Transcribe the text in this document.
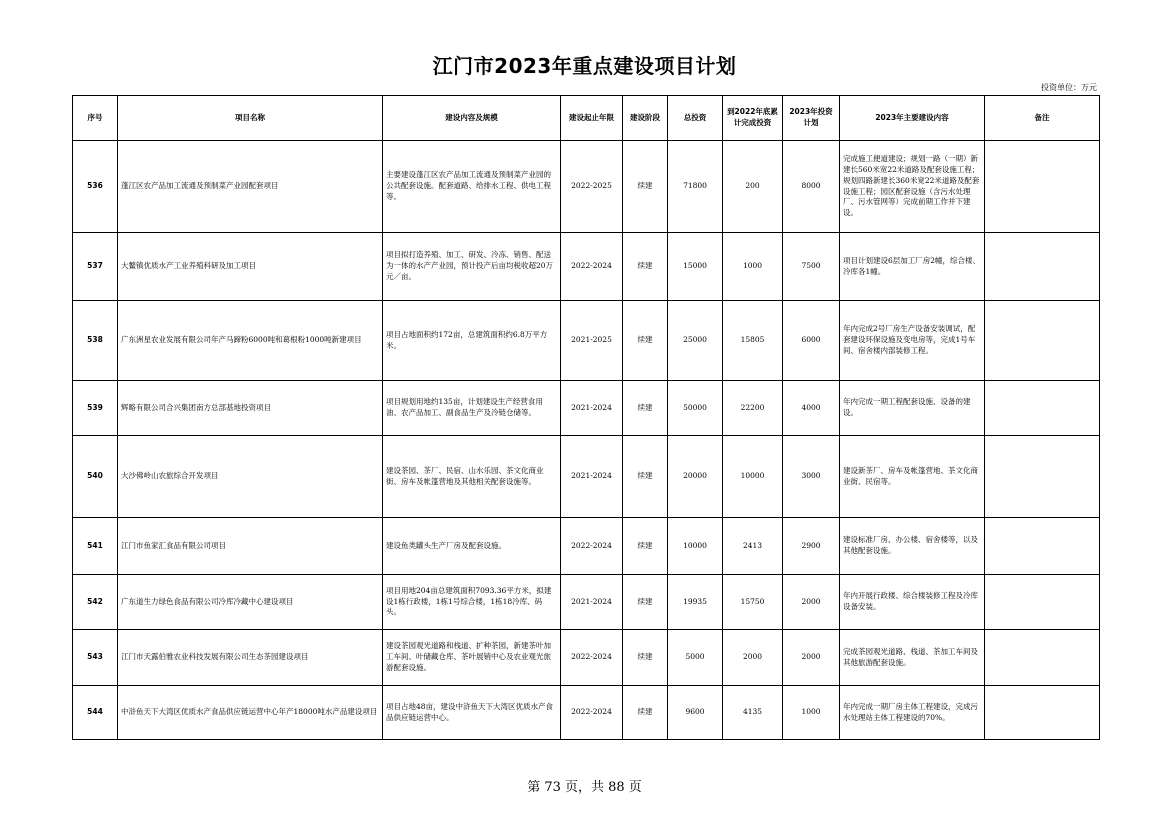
江门市2023年重点建设项目计划
投资单位：万元
序号	项目名称	建设内容及规模	建设起止年限	建设阶段	总投资	到2022年底累计完成投资	2023年投资计划	2023年主要建设内容	备注
536	蓬江区农产品加工流通及预制菜产业园配套项目	主要建设蓬江区农产品加工流通及预制菜产业园的公共配套设施。配套道路、给排水工程、供电工程等。	2022-2025	续建	71800	200	8000	完成施工便道建设；规划一路（一期）新建长560米宽22米道路及配套设施工程；规划四路新建长360米宽22米道路及配套设施工程；园区配套设施（含污水处理厂、污水管网等）完成前期工作并下建设。	
537	大鳌镇优质水产工业养殖科研及加工项目	项目拟打造养殖、加工、研发、冷冻、销售、配送为一体的水产产业园，预计投产后亩均税收超20万元／亩。	2022-2024	续建	15000	1000	7500	项目计划建设6层加工厂房2幢，综合楼、冷库各1幢。	
538	广东洲星农业发展有限公司年产马蹄粉6000吨和葛根粉1000吨新建项目	项目占地面积约172亩，总建筑面积约6.8万平方米。	2021-2025	续建	25000	15805	6000	年内完成2号厂房生产设备安装调试，配套建设环保设施及变电房等，完成1号车间、宿舍楼内部装修工程。	
539	辉略有限公司合兴集团南方总部基地投资项目	项目规划用地约135亩，计划建设生产经营食用油、农产品加工、副食品生产及冷链仓储等。	2021-2024	续建	50000	22200	4000	年内完成一期工程配套设施、设备的建设。	
540	大沙佛岭山农旅综合开发项目	建设茶园、茶厂、民宿、山水乐园、茶文化商业街、房车及帐篷营地及其他相关配套设施等。	2021-2024	续建	20000	10000	3000	建设新茶厂、房车及帐篷营地、茶文化商业街、民宿等。	
541	江门市鱼家汇食品有限公司项目	建设鱼类罐头生产厂房及配套设施。	2022-2024	续建	10000	2413	2900	建设标准厂房、办公楼、宿舍楼等，以及其他配套设施。	
542	广东道生力绿色食品有限公司冷库冷藏中心建设项目	项目用地204亩总建筑面积7093.36平方米，拟建设1栋行政楼，1栋1号综合楼，1栋18冷库、码头。	2021-2024	续建	19935	15750	2000	年内开展行政楼、综合楼装修工程及冷库设备安装。	
543	江门市天露伯雅农业科技发展有限公司生态茶园建设项目	建设茶园观光道路和栈道、扩种茶园，新建茶叶加工车间、叶储藏仓库、茶叶展销中心及农业观光旅游配套设施。	2022-2024	续建	5000	2000	2000	完成茶园观光道路、栈道、茶加工车间及其他旅游配套设施。	
544	中浒鱼天下大湾区优质水产食品供应链运营中心年产18000吨水产品建设项目	项目占地48亩，建设中浒鱼天下大湾区优质水产食品供应链运营中心。	2022-2024	续建	9600	4135	1000	年内完成一期厂房主体工程建设，完成污水处理站主体工程建设的70%。	
第 73 页，共 88 页
